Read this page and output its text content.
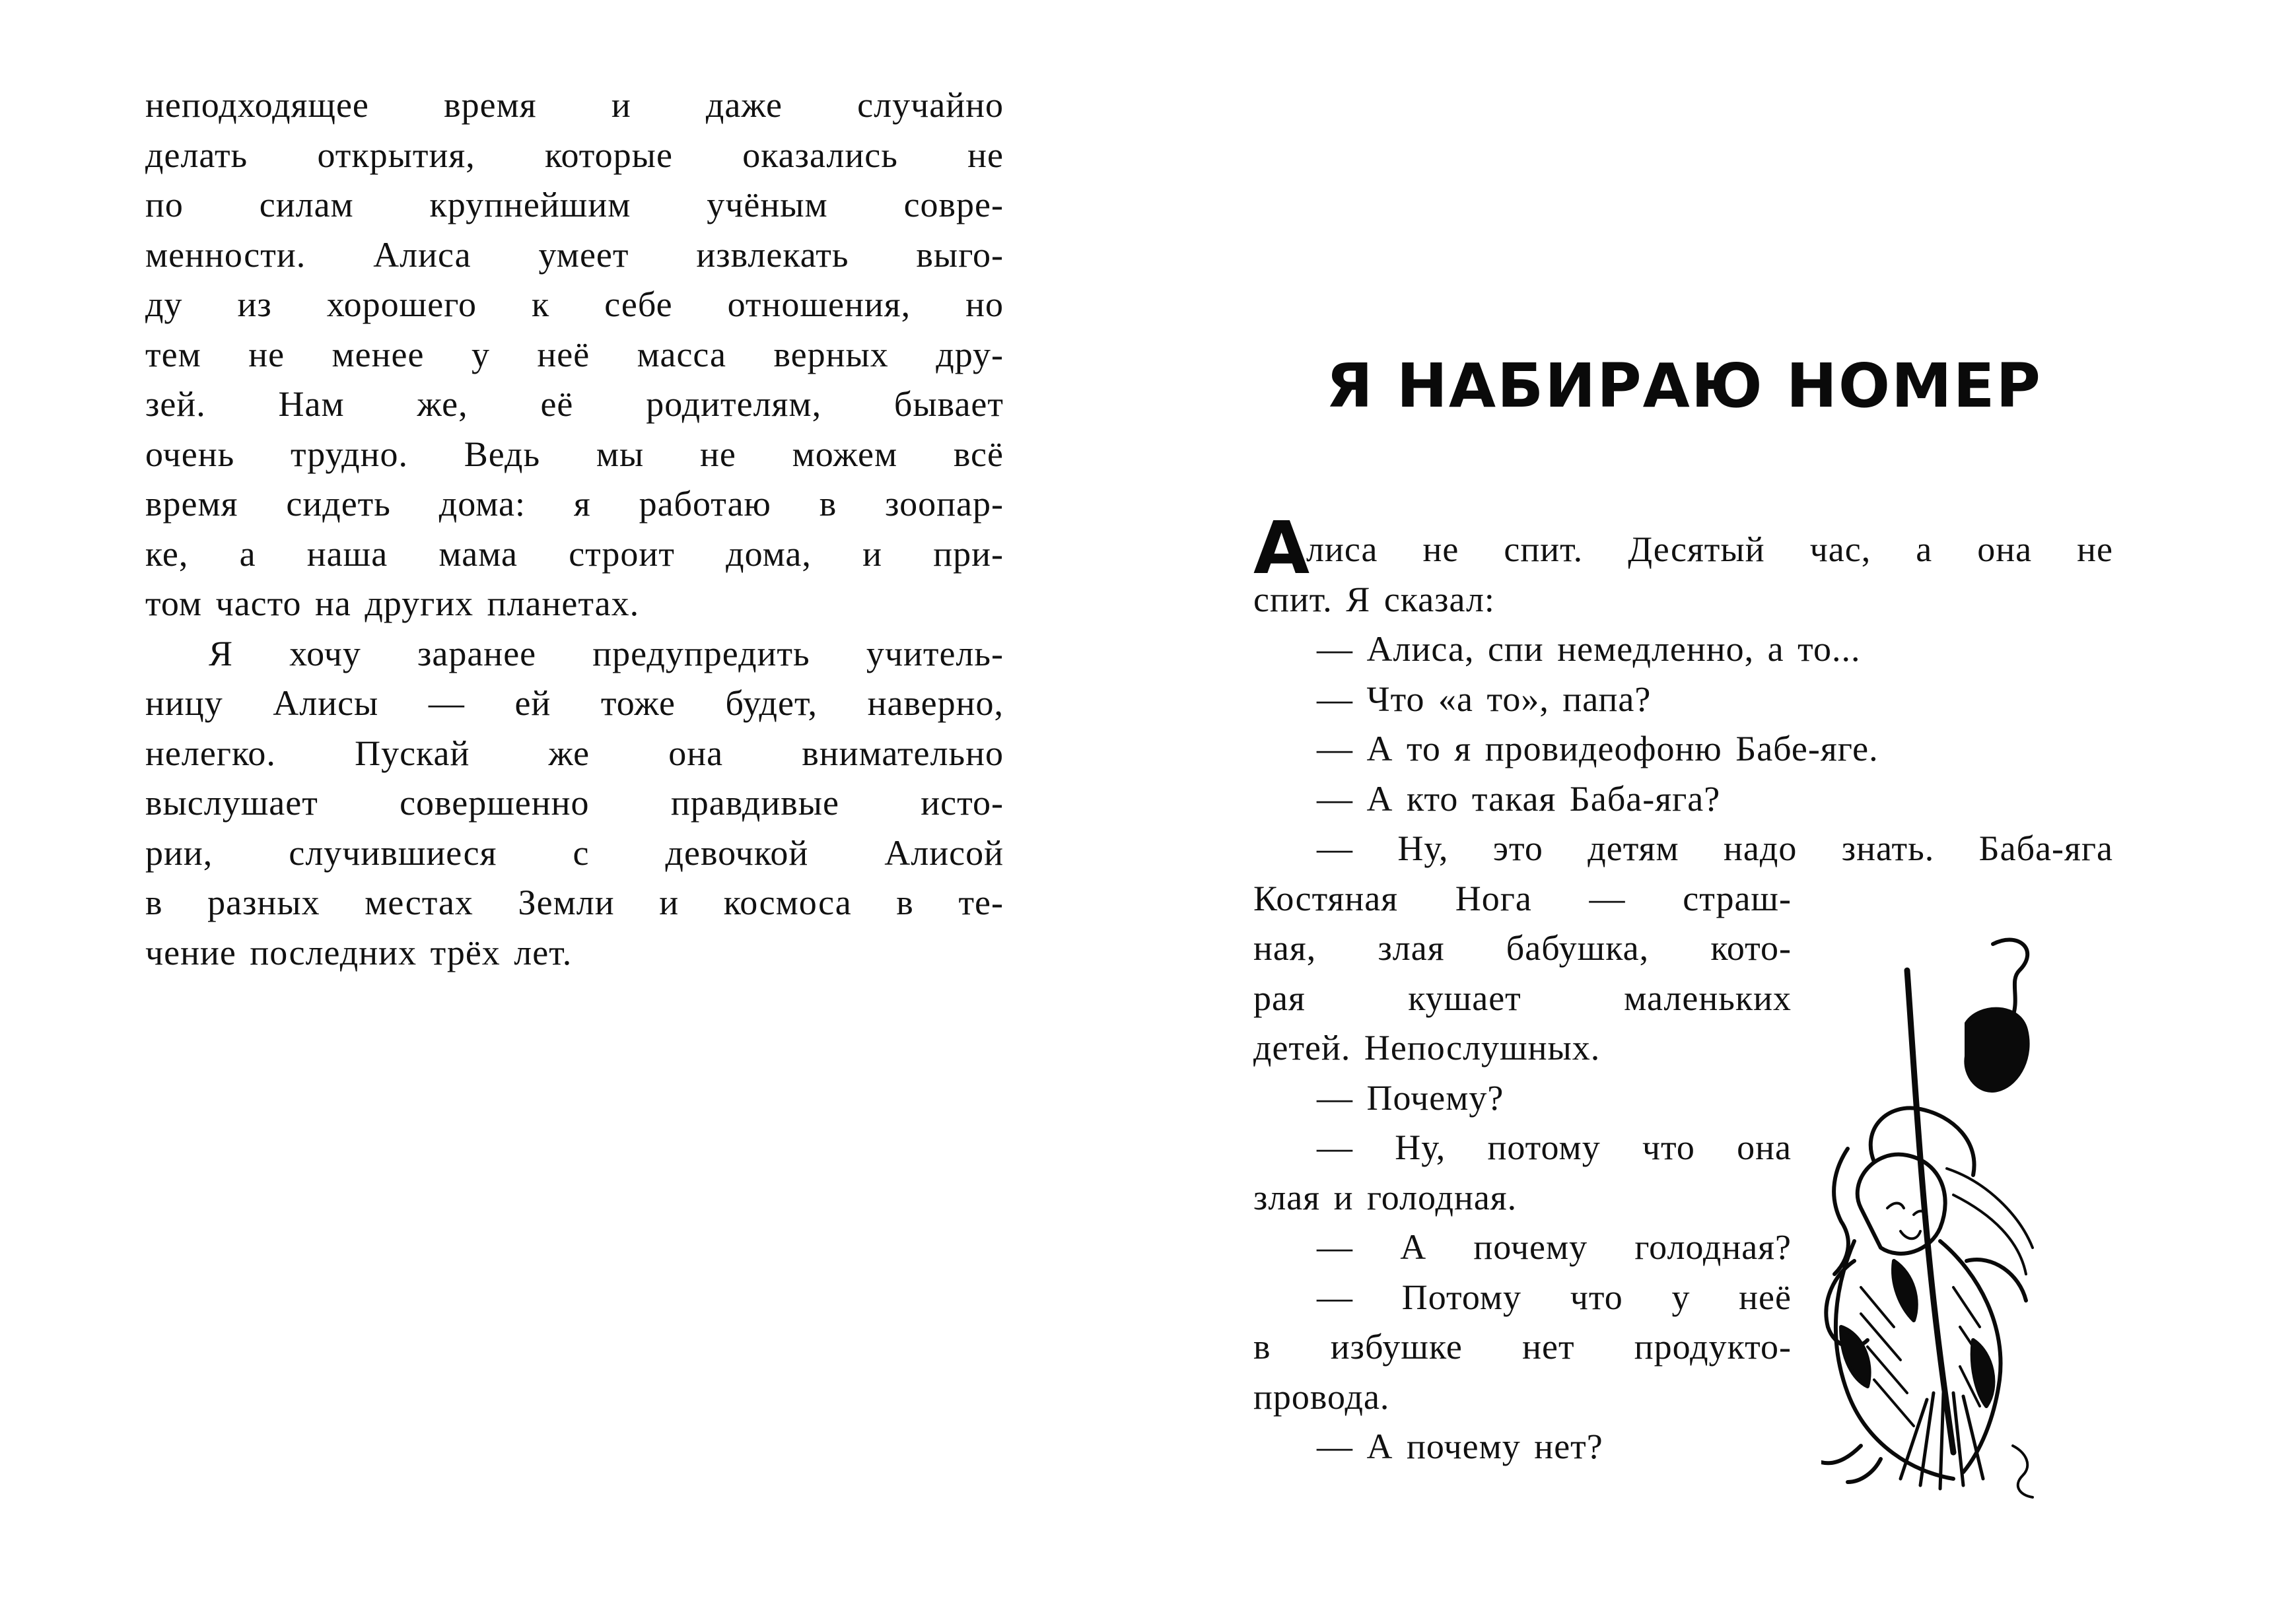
неподходящее время и даже случайно
делать открытия, которые оказались не
по силам крупнейшим учёным совре-
менности. Алиса умеет извлекать выго-
ду из хорошего к себе отношения, но
тем не менее у неё масса верных дру-
зей. Нам же, её родителям, бывает
очень трудно. Ведь мы не можем всё
время сидеть дома: я работаю в зоопар-
ке, а наша мама строит дома, и при-
том часто на других планетах.
Я хочу заранее предупредить учитель-
ницу Алисы — ей тоже будет, наверно,
нелегко. Пускай же она внимательно
выслушает совершенно правдивые исто-
рии, случившиеся с девочкой Алисой
в разных местах Земли и космоса в те-
чение последних трёх лет.
Я НАБИРАЮ НОМЕР
А
лиса не спит. Десятый час, а она не
спит. Я сказал:
— Алиса, спи немедленно, а то...
— Что «а то», папа?
— А то я провидеофоню Бабе-яге.
— А кто такая Баба-яга?
— Ну, это детям надо знать. Баба-яга
Костяная Нога — страш-
ная, злая бабушка, кото-
рая кушает маленьких
детей. Непослушных.
— Почему?
— Ну, потому что она
злая и голодная.
— А почему голодная?
— Потому что у неё
в избушке нет продукто-
провода.
— А почему нет?
